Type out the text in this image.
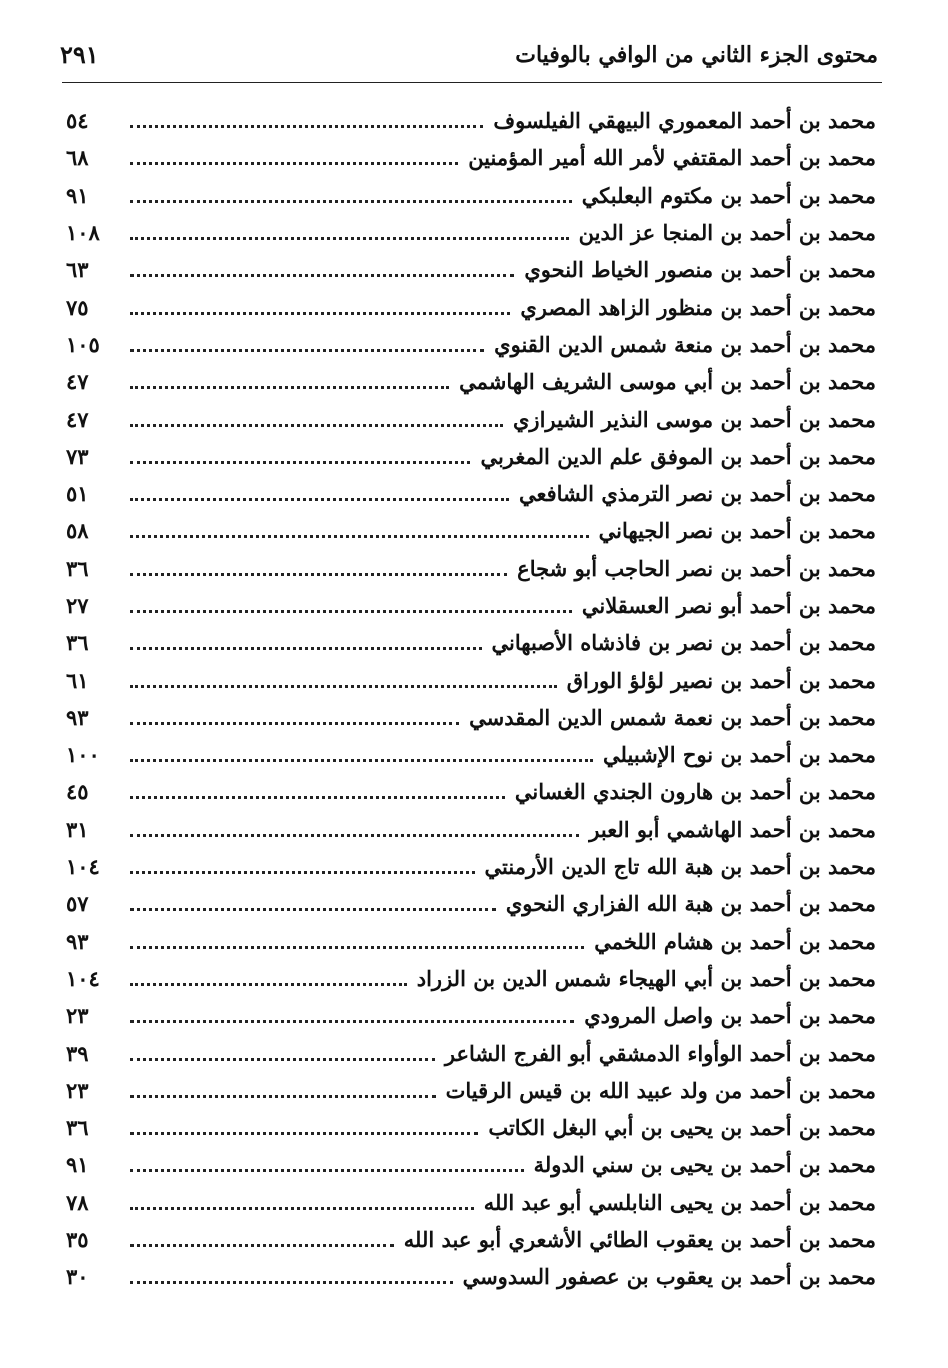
محتوى الجزء الثاني من الوافي بالوفيات
٢٩١
محمد بن أحمد المعموري البيهقي الفيلسوف
٥٤
محمد بن أحمد المقتفي لأمر الله أمير المؤمنين
٦٨
محمد بن أحمد بن مكتوم البعلبكي
٩١
محمد بن أحمد بن المنجا عز الدين
١٠٨
محمد بن أحمد بن منصور الخياط النحوي
٦٣
محمد بن أحمد بن منظور الزاهد المصري
٧٥
محمد بن أحمد بن منعة شمس الدين القنوي
١٠٥
محمد بن أحمد بن أبي موسى الشريف الهاشمي
٤٧
محمد بن أحمد بن موسى النذير الشيرازي
٤٧
محمد بن أحمد بن الموفق علم الدين المغربي
٧٣
محمد بن أحمد بن نصر الترمذي الشافعي
٥١
محمد بن أحمد بن نصر الجيهاني
٥٨
محمد بن أحمد بن نصر الحاجب أبو شجاع
٣٦
محمد بن أحمد أبو نصر العسقلاني
٢٧
محمد بن أحمد بن نصر بن فاذشاه الأصبهاني
٣٦
محمد بن أحمد بن نصير لؤلؤ الوراق
٦١
محمد بن أحمد بن نعمة شمس الدين المقدسي
٩٣
محمد بن أحمد بن نوح الإشبيلي
١٠٠
محمد بن أحمد بن هارون الجندي الغساني
٤٥
محمد بن أحمد الهاشمي أبو العبر
٣١
محمد بن أحمد بن هبة الله تاج الدين الأرمنتي
١٠٤
محمد بن أحمد بن هبة الله الفزاري النحوي
٥٧
محمد بن أحمد بن هشام اللخمي
٩٣
محمد بن أحمد بن أبي الهيجاء شمس الدين بن الزراد
١٠٤
محمد بن أحمد بن واصل المرودي
٢٣
محمد بن أحمد الوأواء الدمشقي أبو الفرج الشاعر
٣٩
محمد بن أحمد من ولد عبيد الله بن قيس الرقيات
٢٣
محمد بن أحمد بن يحيى بن أبي البغل الكاتب
٣٦
محمد بن أحمد بن يحيى بن سني الدولة
٩١
محمد بن أحمد بن يحيى النابلسي أبو عبد الله
٧٨
محمد بن أحمد بن يعقوب الطائي الأشعري أبو عبد الله
٣٥
محمد بن أحمد بن يعقوب بن عصفور السدوسي
٣٠
